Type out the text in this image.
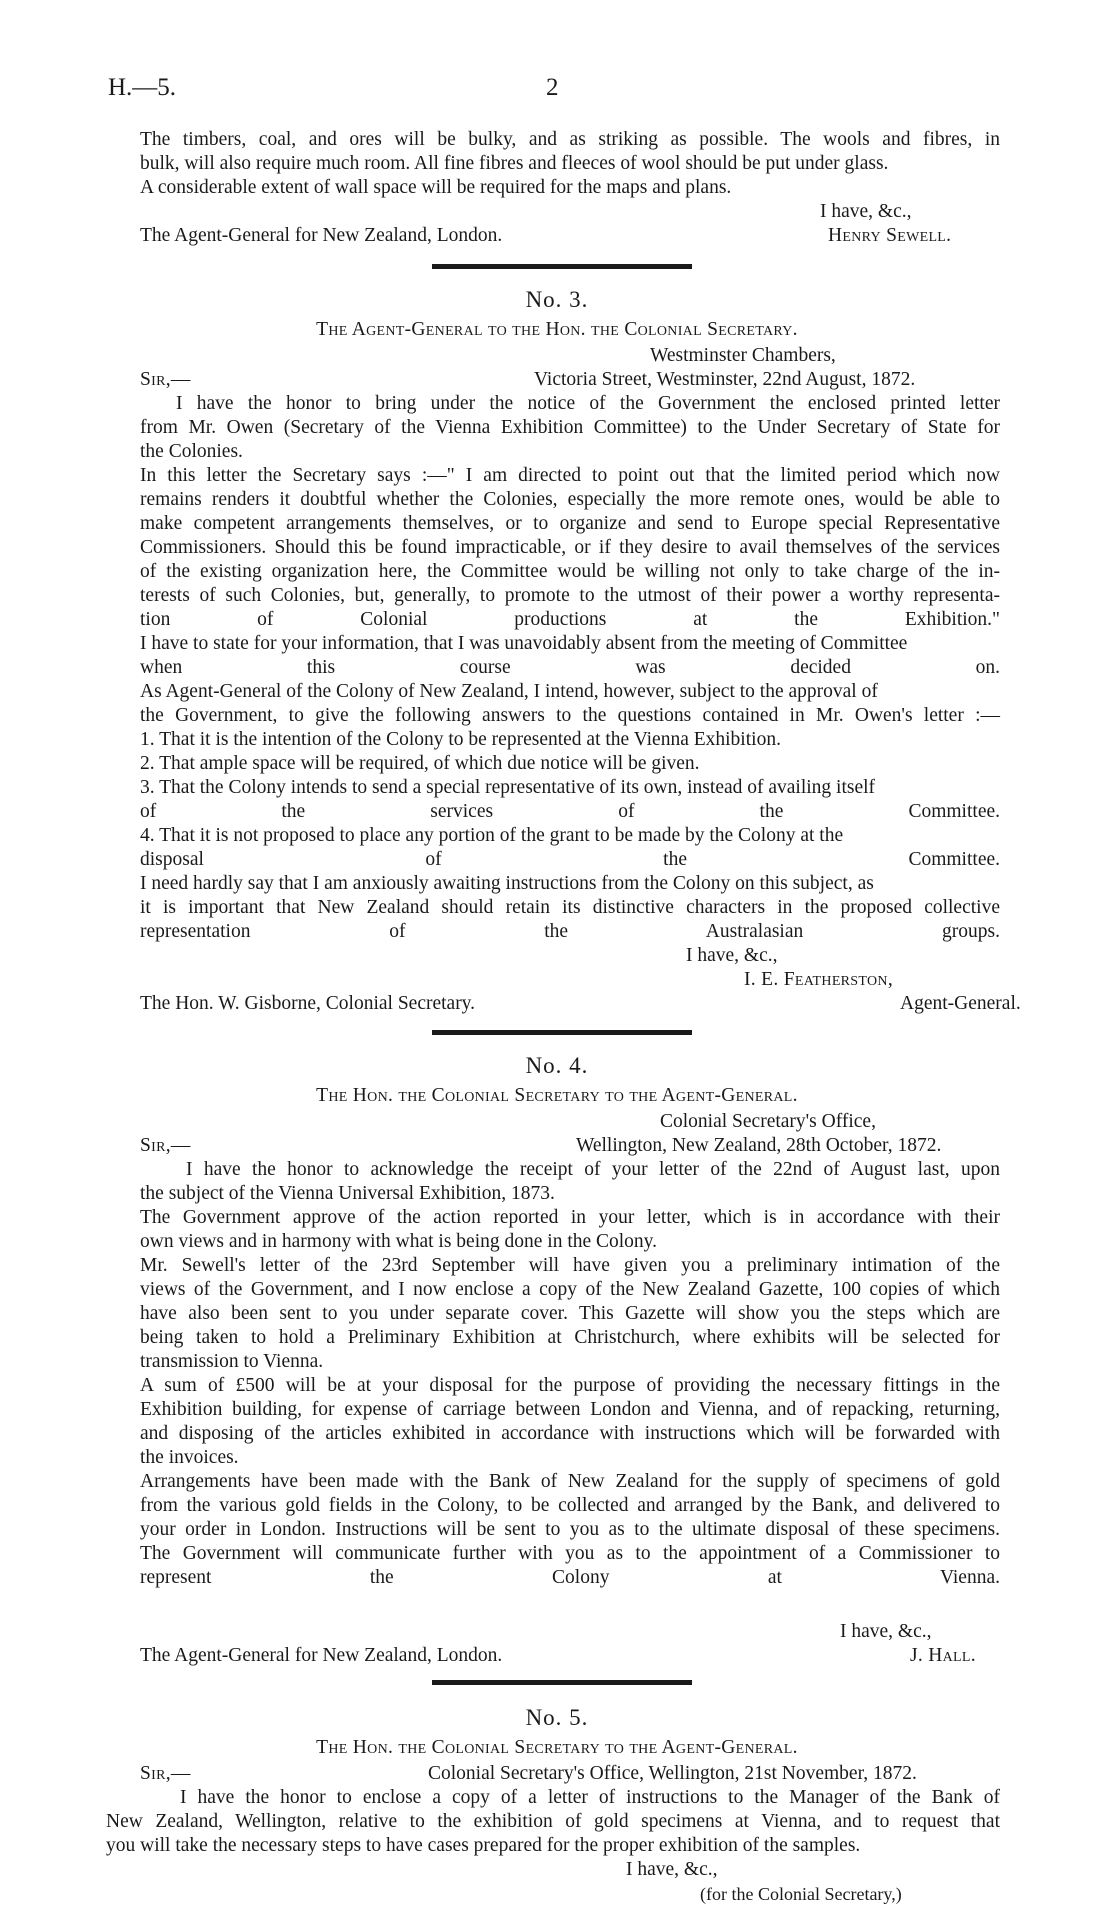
H.—5.	2
The timbers, coal, and ores will be bulky, and as striking as possible. The wools and fibres, in
bulk, will also require much room. All fine fibres and fleeces of wool should be put under glass.
A considerable extent of wall space will be required for the maps and plans.
I have, &c.,
The Agent-General for New Zealand, London.	Henry Sewell.
No. 3.
The Agent-General to the Hon. the Colonial Secretary.
Westminster Chambers,
Sir,—	Victoria Street, Westminster, 22nd August, 1872.
I have the honor to bring under the notice of the Government the enclosed printed letter
from Mr. Owen (Secretary of the Vienna Exhibition Committee) to the Under Secretary of State for
the Colonies.
In this letter the Secretary says :—" I am directed to point out that the limited period which now
remains renders it doubtful whether the Colonies, especially the more remote ones, would be able to
make competent arrangements themselves, or to organize and send to Europe special Representative
Commissioners. Should this be found impracticable, or if they desire to avail themselves of the services
of the existing organization here, the Committee would be willing not only to take charge of the in-
terests of such Colonies, but, generally, to promote to the utmost of their power a worthy representa-
tion of Colonial productions at the Exhibition."
I have to state for your information, that I was unavoidably absent from the meeting of Committee
when this course was decided on.
As Agent-General of the Colony of New Zealand, I intend, however, subject to the approval of
the Government, to give the following answers to the questions contained in Mr. Owen's letter :—
1. That it is the intention of the Colony to be represented at the Vienna Exhibition.
2. That ample space will be required, of which due notice will be given.
3. That the Colony intends to send a special representative of its own, instead of availing itself
of the services of the Committee.
4. That it is not proposed to place any portion of the grant to be made by the Colony at the
disposal of the Committee.
I need hardly say that I am anxiously awaiting instructions from the Colony on this subject, as
it is important that New Zealand should retain its distinctive characters in the proposed collective
representation of the Australasian groups.
I have, &c.,
I. E. Featherston,
The Hon. W. Gisborne, Colonial Secretary.	Agent-General.
No. 4.
The Hon. the Colonial Secretary to the Agent-General.
Colonial Secretary's Office,
Sir,—	Wellington, New Zealand, 28th October, 1872.
I have the honor to acknowledge the receipt of your letter of the 22nd of August last, upon
the subject of the Vienna Universal Exhibition, 1873.
The Government approve of the action reported in your letter, which is in accordance with their
own views and in harmony with what is being done in the Colony.
Mr. Sewell's letter of the 23rd September will have given you a preliminary intimation of the
views of the Government, and I now enclose a copy of the New Zealand Gazette, 100 copies of which
have also been sent to you under separate cover. This Gazette will show you the steps which are
being taken to hold a Preliminary Exhibition at Christchurch, where exhibits will be selected for
transmission to Vienna.
A sum of £500 will be at your disposal for the purpose of providing the necessary fittings in the
Exhibition building, for expense of carriage between London and Vienna, and of repacking, returning,
and disposing of the articles exhibited in accordance with instructions which will be forwarded with
the invoices.
Arrangements have been made with the Bank of New Zealand for the supply of specimens of gold
from the various gold fields in the Colony, to be collected and arranged by the Bank, and delivered to
your order in London. Instructions will be sent to you as to the ultimate disposal of these specimens.
The Government will communicate further with you as to the appointment of a Commissioner to
represent the Colony at Vienna.
I have, &c.,
The Agent-General for New Zealand, London.	J. Hall.
No. 5.
The Hon. the Colonial Secretary to the Agent-General.
Sir,—	Colonial Secretary's Office, Wellington, 21st November, 1872.
I have the honor to enclose a copy of a letter of instructions to the Manager of the Bank of
New Zealand, Wellington, relative to the exhibition of gold specimens at Vienna, and to request that
you will take the necessary steps to have cases prepared for the proper exhibition of the samples.
I have, &c.,
(for the Colonial Secretary,)
